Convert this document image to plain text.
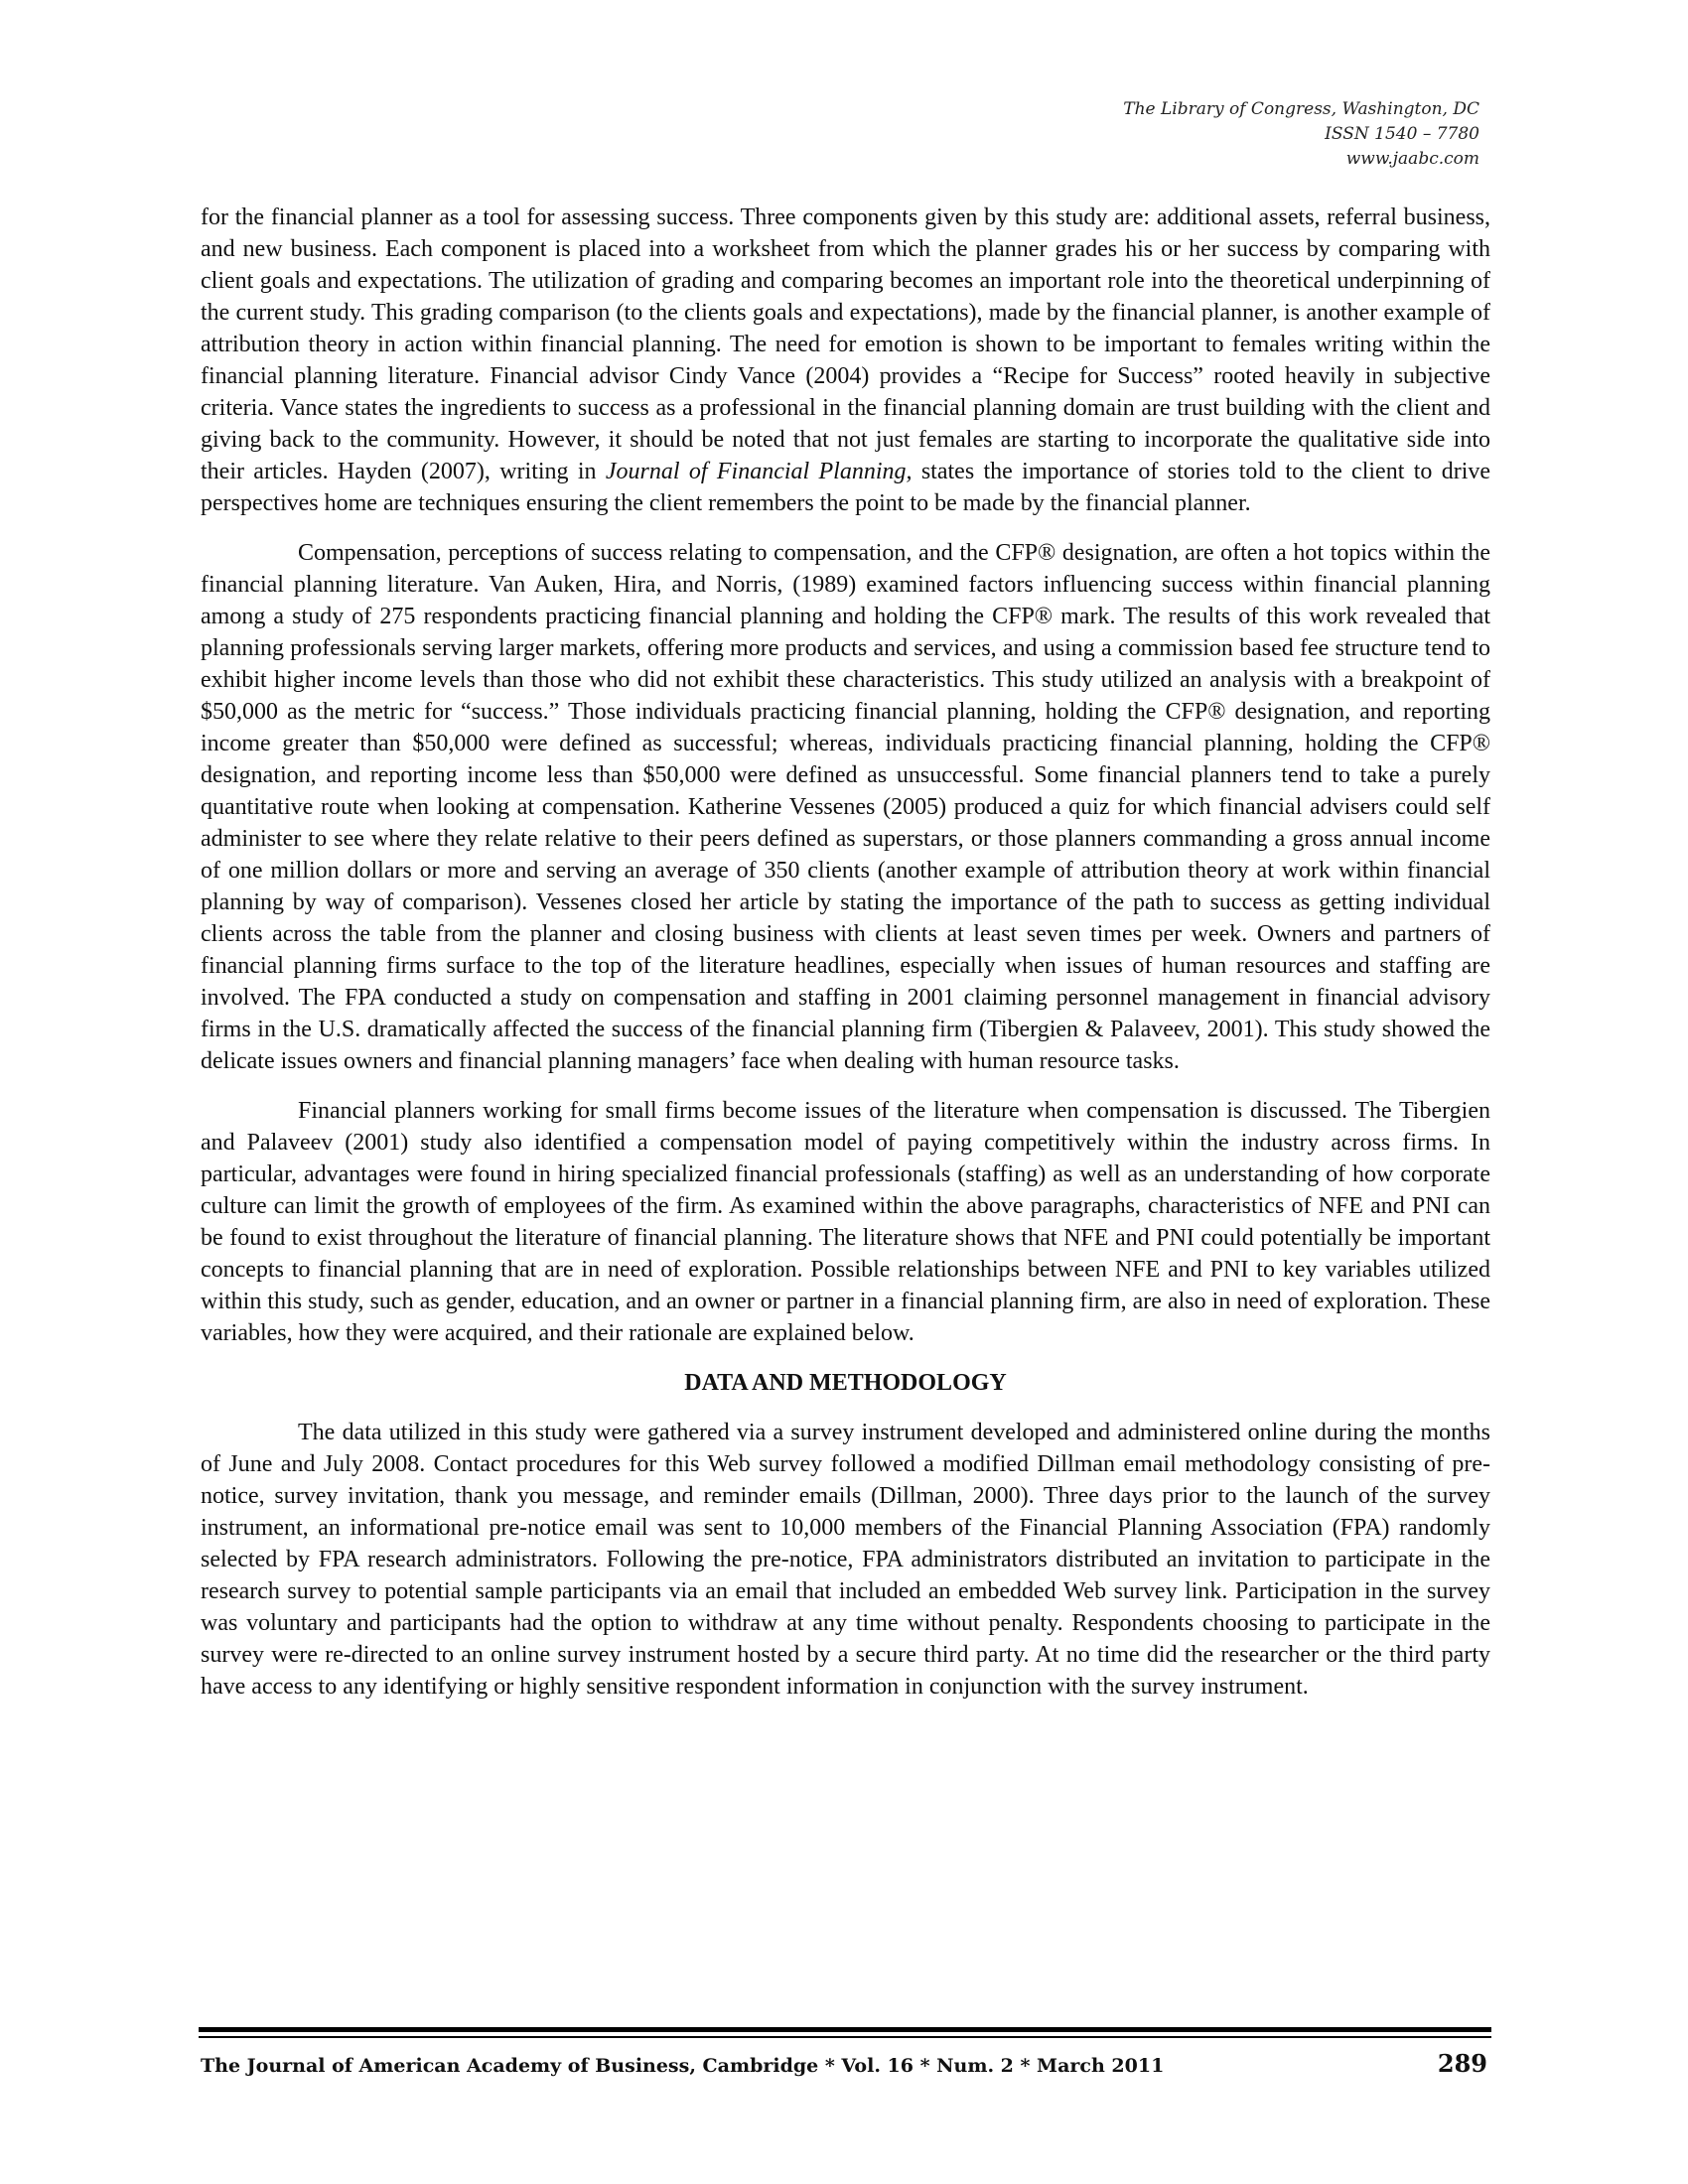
The Library of Congress, Washington, DC
ISSN 1540 – 7780
www.jaabc.com

for the financial planner as a tool for assessing success. Three components given by this study are: additional assets, referral business, and new business. Each component is placed into a worksheet from which the planner grades his or her success by comparing with client goals and expectations. The utilization of grading and comparing becomes an important role into the theoretical underpinning of the current study. This grading comparison (to the clients goals and expectations), made by the financial planner, is another example of attribution theory in action within financial planning. The need for emotion is shown to be important to females writing within the financial planning literature. Financial advisor Cindy Vance (2004) provides a “Recipe for Success” rooted heavily in subjective criteria. Vance states the ingredients to success as a professional in the financial planning domain are trust building with the client and giving back to the community. However, it should be noted that not just females are starting to incorporate the qualitative side into their articles. Hayden (2007), writing in Journal of Financial Planning, states the importance of stories told to the client to drive perspectives home are techniques ensuring the client remembers the point to be made by the financial planner.

Compensation, perceptions of success relating to compensation, and the CFP® designation, are often a hot topics within the financial planning literature. Van Auken, Hira, and Norris, (1989) examined factors influencing success within financial planning among a study of 275 respondents practicing financial planning and holding the CFP® mark. The results of this work revealed that planning professionals serving larger markets, offering more products and services, and using a commission based fee structure tend to exhibit higher income levels than those who did not exhibit these characteristics. This study utilized an analysis with a breakpoint of $50,000 as the metric for “success.” Those individuals practicing financial planning, holding the CFP® designation, and reporting income greater than $50,000 were defined as successful; whereas, individuals practicing financial planning, holding the CFP® designation, and reporting income less than $50,000 were defined as unsuccessful. Some financial planners tend to take a purely quantitative route when looking at compensation. Katherine Vessenes (2005) produced a quiz for which financial advisers could self administer to see where they relate relative to their peers defined as superstars, or those planners commanding a gross annual income of one million dollars or more and serving an average of 350 clients (another example of attribution theory at work within financial planning by way of comparison). Vessenes closed her article by stating the importance of the path to success as getting individual clients across the table from the planner and closing business with clients at least seven times per week. Owners and partners of financial planning firms surface to the top of the literature headlines, especially when issues of human resources and staffing are involved. The FPA conducted a study on compensation and staffing in 2001 claiming personnel management in financial advisory firms in the U.S. dramatically affected the success of the financial planning firm (Tibergien & Palaveev, 2001). This study showed the delicate issues owners and financial planning managers’ face when dealing with human resource tasks.

Financial planners working for small firms become issues of the literature when compensation is discussed. The Tibergien and Palaveev (2001) study also identified a compensation model of paying competitively within the industry across firms. In particular, advantages were found in hiring specialized financial professionals (staffing) as well as an understanding of how corporate culture can limit the growth of employees of the firm. As examined within the above paragraphs, characteristics of NFE and PNI can be found to exist throughout the literature of financial planning. The literature shows that NFE and PNI could potentially be important concepts to financial planning that are in need of exploration. Possible relationships between NFE and PNI to key variables utilized within this study, such as gender, education, and an owner or partner in a financial planning firm, are also in need of exploration. These variables, how they were acquired, and their rationale are explained below.

DATA AND METHODOLOGY

The data utilized in this study were gathered via a survey instrument developed and administered online during the months of June and July 2008. Contact procedures for this Web survey followed a modified Dillman email methodology consisting of pre-notice, survey invitation, thank you message, and reminder emails (Dillman, 2000). Three days prior to the launch of the survey instrument, an informational pre-notice email was sent to 10,000 members of the Financial Planning Association (FPA) randomly selected by FPA research administrators. Following the pre-notice, FPA administrators distributed an invitation to participate in the research survey to potential sample participants via an email that included an embedded Web survey link. Participation in the survey was voluntary and participants had the option to withdraw at any time without penalty. Respondents choosing to participate in the survey were re-directed to an online survey instrument hosted by a secure third party. At no time did the researcher or the third party have access to any identifying or highly sensitive respondent information in conjunction with the survey instrument.

The Journal of American Academy of Business, Cambridge * Vol. 16 * Num. 2 * March 2011	289
